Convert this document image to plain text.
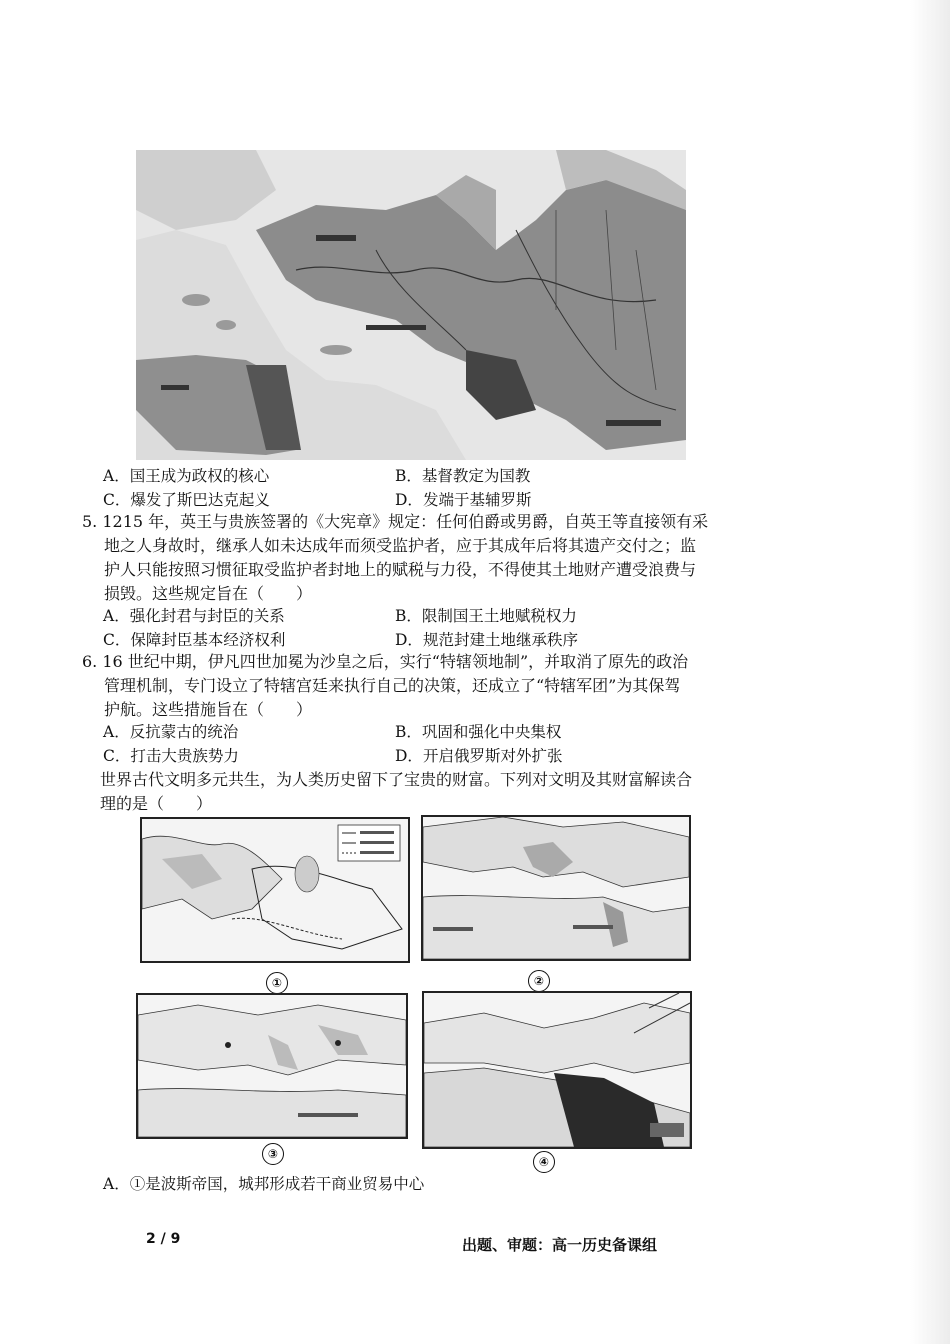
A．国王成为政权的核心	B．基督教定为国教
C．爆发了斯巴达克起义	D．发端于基辅罗斯
5. 1215 年，英王与贵族签署的《大宪章》规定：任何伯爵或男爵，自英王等直接领有采
地之人身故时，继承人如未达成年而须受监护者，应于其成年后将其遗产交付之；监
护人只能按照习惯征取受监护者封地上的赋税与力役，不得使其土地财产遭受浪费与
损毁。这些规定旨在（　　）
A．强化封君与封臣的关系	B．限制国王土地赋税权力
C．保障封臣基本经济权利	D．规范封建土地继承秩序
6. 16 世纪中期，伊凡四世加冕为沙皇之后，实行“特辖领地制”，并取消了原先的政治
管理机制，专门设立了特辖宫廷来执行自己的决策，还成立了“特辖军团”为其保驾
护航。这些措施旨在（　　）
A．反抗蒙古的统治	B．巩固和强化中央集权
C．打击大贵族势力	D．开启俄罗斯对外扩张
世界古代文明多元共生，为人类历史留下了宝贵的财富。下列对文明及其财富解读合
理的是（　　）
①	②
③
④
A．①是波斯帝国，城邦形成若干商业贸易中心
2 / 9	出题、审题：高一历史备课组
